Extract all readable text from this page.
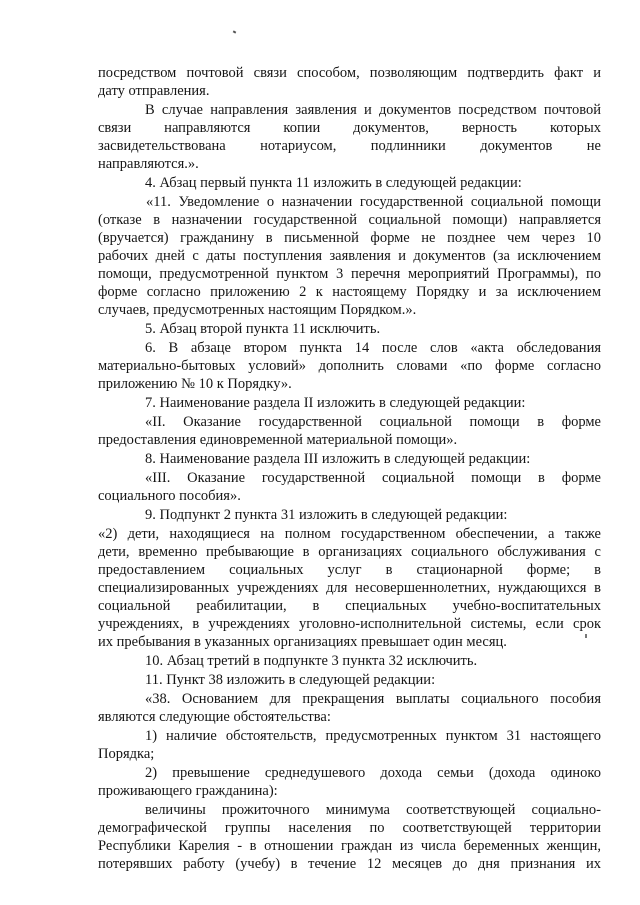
посредством почтовой связи способом, позволяющим подтвердить факт и

дату отправления.

В случае направления заявления и документов посредством почтовой

связи направляются копии документов, верность которых

засвидетельствована нотариусом, подлинники документов не

направляются.».

4. Абзац первый пункта 11 изложить в следующей редакции:

«11. Уведомление о назначении государственной социальной помощи

(отказе в назначении государственной социальной помощи) направляется

(вручается) гражданину в письменной форме не позднее чем через 10

рабочих дней с даты поступления заявления и документов (за исключением

помощи, предусмотренной пунктом 3 перечня мероприятий Программы), по

форме согласно приложению 2 к настоящему Порядку и за исключением

случаев, предусмотренных настоящим Порядком.».

5. Абзац второй пункта 11 исключить.

6. В абзаце втором пункта 14 после слов «акта обследования

материально-бытовых условий» дополнить словами «по форме согласно

приложению № 10 к Порядку».

7. Наименование раздела II изложить в следующей редакции:

«II. Оказание государственной социальной помощи в форме

предоставления единовременной материальной помощи».

8. Наименование раздела III изложить в следующей редакции:

«III. Оказание государственной социальной помощи в форме

социального пособия».

9. Подпункт 2 пункта 31 изложить в следующей редакции:

«2) дети, находящиеся на полном государственном обеспечении, а также

дети, временно пребывающие в организациях социального обслуживания с

предоставлением социальных услуг в стационарной форме; в

специализированных учреждениях для несовершеннолетних, нуждающихся в

социальной реабилитации, в специальных учебно-воспитательных

учреждениях, в учреждениях уголовно-исполнительной системы, если срок

их пребывания в указанных организациях превышает один месяц.

10. Абзац третий в подпункте 3 пункта 32 исключить.

11. Пункт 38 изложить в следующей редакции:

«38. Основанием для прекращения выплаты социального пособия

являются следующие обстоятельства:

1) наличие обстоятельств, предусмотренных пунктом 31 настоящего

Порядка;

2) превышение среднедушевого дохода семьи (дохода одиноко

проживающего гражданина):

величины прожиточного минимума соответствующей социально-

демографической группы населения по соответствующей территории

Республики Карелия - в отношении граждан из числа беременных женщин,

потерявших работу (учебу) в течение 12 месяцев до дня признания их
